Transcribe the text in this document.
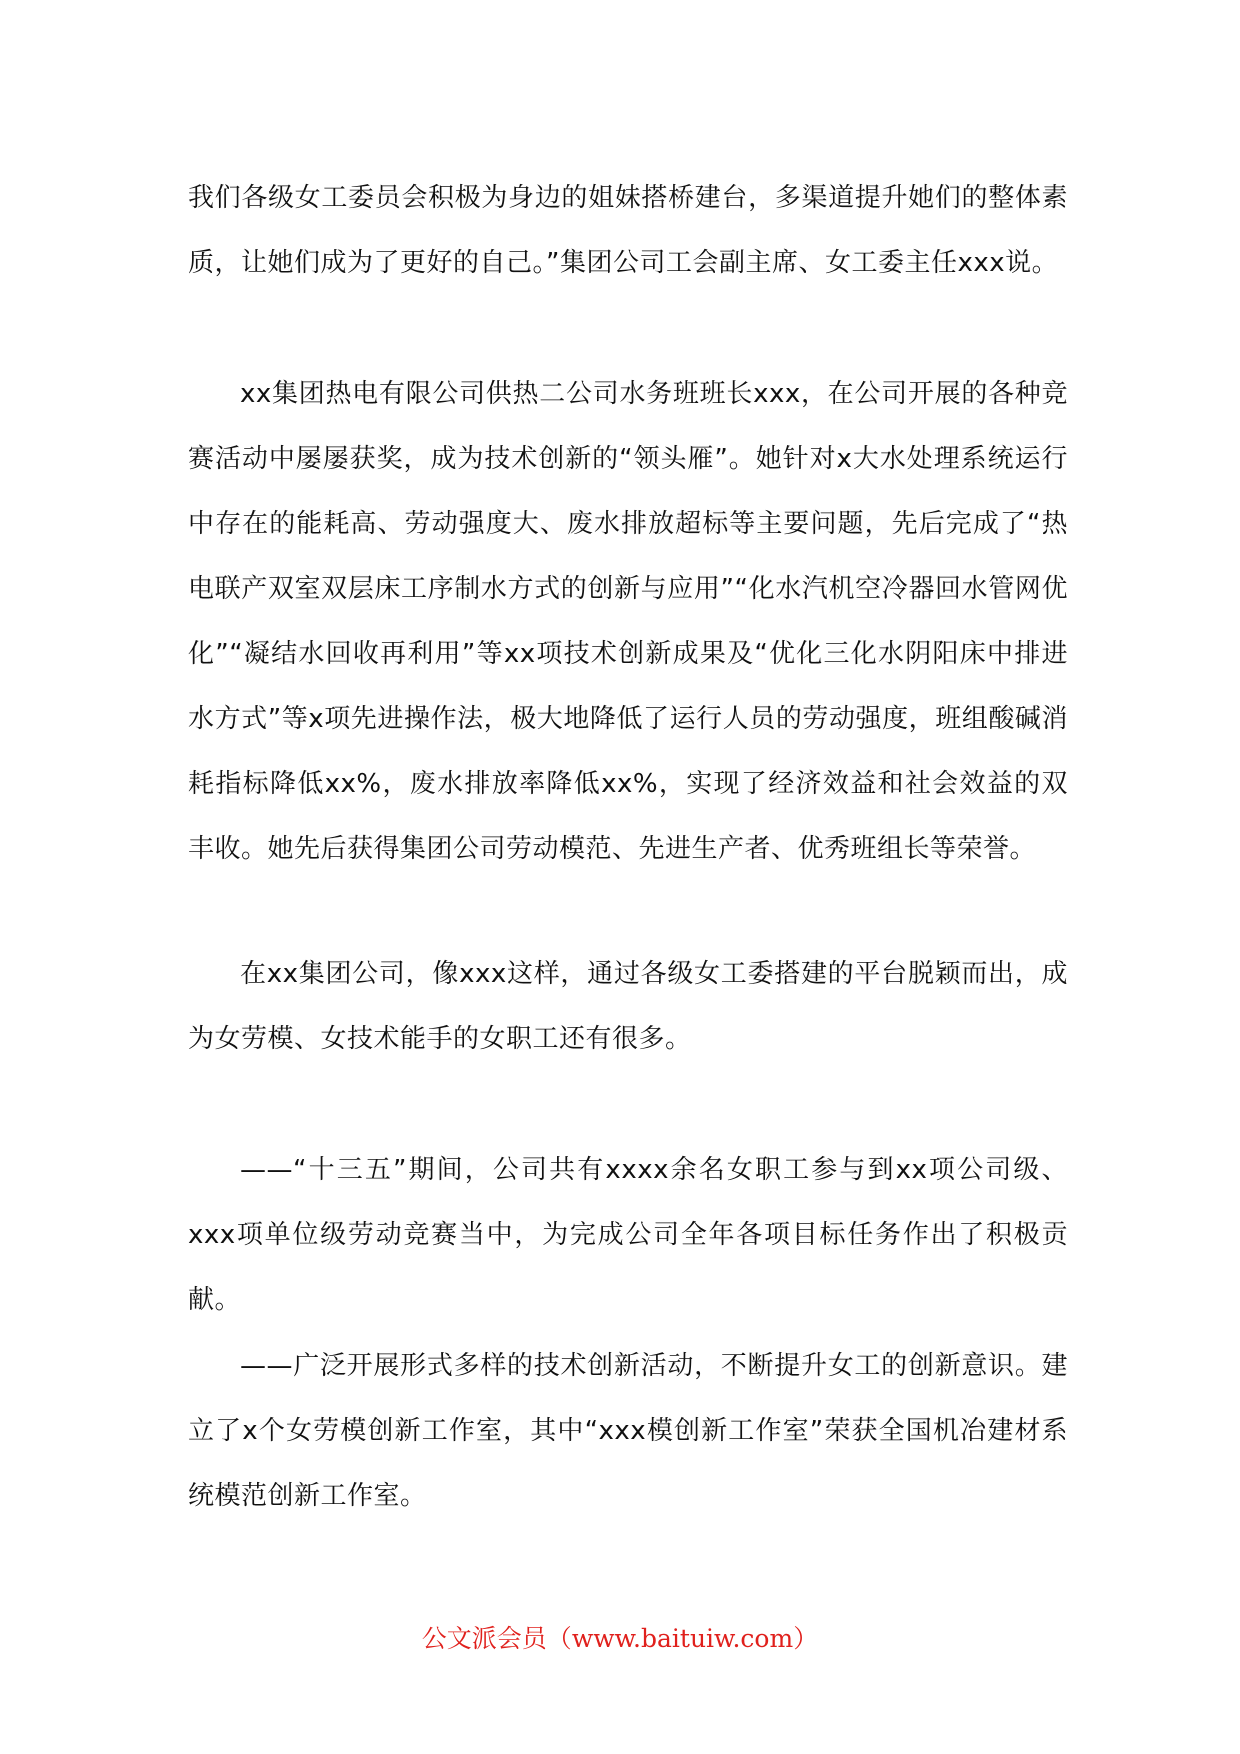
我们各级女工委员会积极为身边的姐妹搭桥建台，多渠道提升她们的整体素质，让她们成为了更好的自己。”集团公司工会副主席、女工委主任xxx说。

xx集团热电有限公司供热二公司水务班班长xxx，在公司开展的各种竞赛活动中屡屡获奖，成为技术创新的“领头雁”。她针对x大水处理系统运行中存在的能耗高、劳动强度大、废水排放超标等主要问题，先后完成了“热电联产双室双层床工序制水方式的创新与应用”“化水汽机空冷器回水管网优化”“凝结水回收再利用”等xx项技术创新成果及“优化三化水阴阳床中排进水方式”等x项先进操作法，极大地降低了运行人员的劳动强度，班组酸碱消耗指标降低xx%，废水排放率降低xx%，实现了经济效益和社会效益的双丰收。她先后获得集团公司劳动模范、先进生产者、优秀班组长等荣誉。

在xx集团公司，像xxx这样，通过各级女工委搭建的平台脱颖而出，成为女劳模、女技术能手的女职工还有很多。

——“十三五”期间，公司共有xxxx余名女职工参与到xx项公司级、xxx项单位级劳动竞赛当中，为完成公司全年各项目标任务作出了积极贡献。

——广泛开展形式多样的技术创新活动，不断提升女工的创新意识。建立了x个女劳模创新工作室，其中“xxx模创新工作室”荣获全国机冶建材系统模范创新工作室。

公文派会员（www.baituiw.com）
